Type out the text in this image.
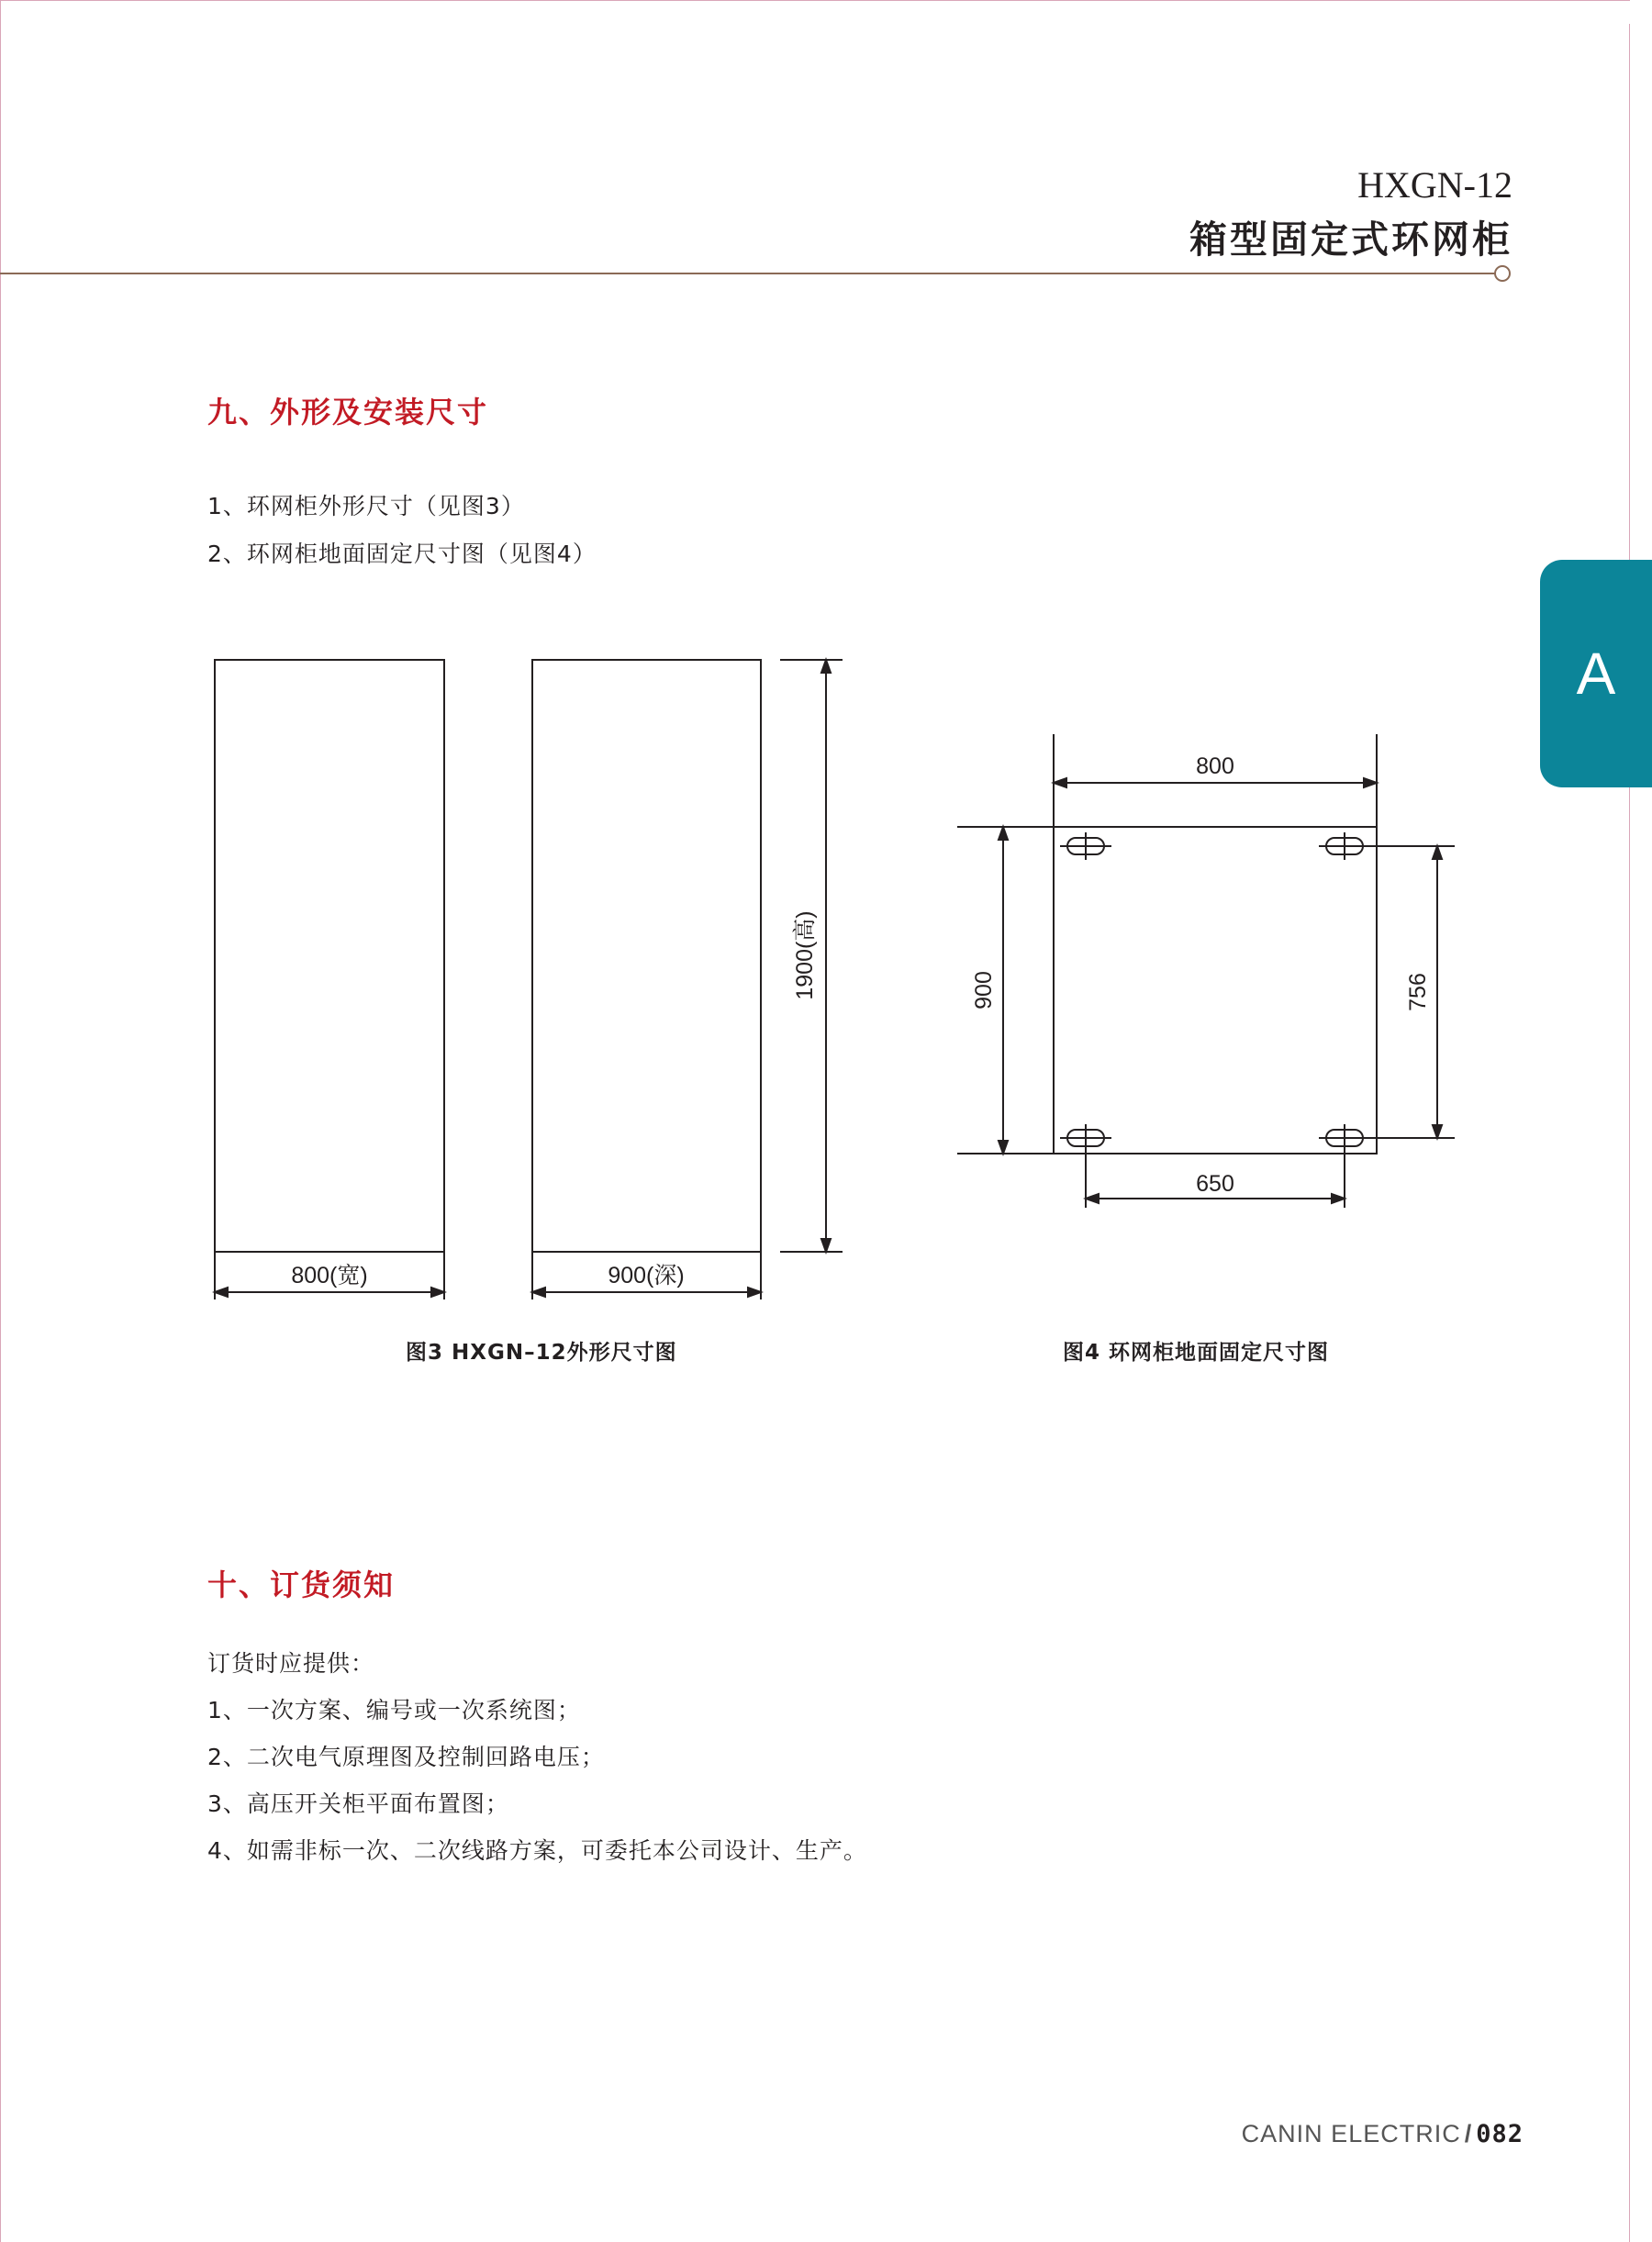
HXGN-12
箱型固定式环网柜
A
九、外形及安装尺寸
1、环网柜外形尺寸（见图3）
2、环网柜地面固定尺寸图（见图4）
800(宽)	900(深)
1900(高)
800
900	756
650
图3 HXGN–12外形尺寸图	图4 环网柜地面固定尺寸图
十、订货须知
订货时应提供：
1、一次方案、编号或一次系统图；
2、二次电气原理图及控制回路电压；
3、高压开关柜平面布置图；
4、如需非标一次、二次线路方案，可委托本公司设计、生产。
CANIN ELECTRIC / 082
